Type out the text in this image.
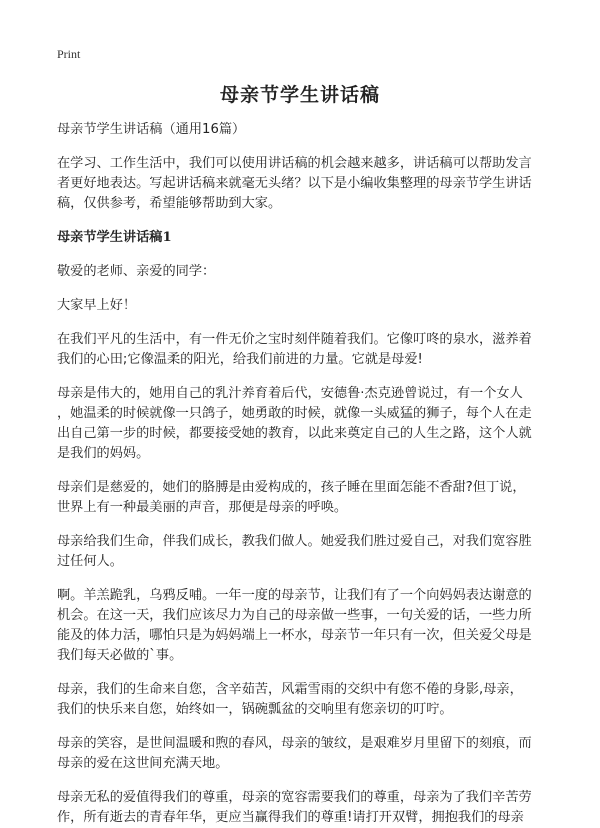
Print
母亲节学生讲话稿
母亲节学生讲话稿（通用16篇）
在学习、工作生活中，我们可以使用讲话稿的机会越来越多，讲话稿可以帮助发言
者更好地表达。写起讲话稿来就毫无头绪？以下是小编收集整理的母亲节学生讲话
稿，仅供参考，希望能够帮助到大家。
母亲节学生讲话稿1
敬爱的老师、亲爱的同学：
大家早上好！
在我们平凡的生活中，有一件无价之宝时刻伴随着我们。它像叮咚的泉水，滋养着
我们的心田;它像温柔的阳光，给我们前进的力量。它就是母爱!
母亲是伟大的，她用自己的乳汁养育着后代，安德鲁·杰克逊曾说过，有一个女人
，她温柔的时候就像一只鸽子，她勇敢的时候，就像一头威猛的狮子，每个人在走
出自己第一步的时候，都要接受她的教育，以此来奠定自己的人生之路，这个人就
是我们的妈妈。
母亲们是慈爱的，她们的胳膊是由爱构成的，孩子睡在里面怎能不香甜?但丁说，
世界上有一种最美丽的声音，那便是母亲的呼唤。
母亲给我们生命，伴我们成长，教我们做人。她爱我们胜过爱自己，对我们宽容胜
过任何人。
啊。羊羔跪乳，乌鸦反哺。一年一度的母亲节，让我们有了一个向妈妈表达谢意的
机会。在这一天，我们应该尽力为自己的母亲做一些事，一句关爱的话，一些力所
能及的体力活，哪怕只是为妈妈端上一杯水，母亲节一年只有一次，但关爱父母是
我们每天必做的`事。
母亲，我们的生命来自您，含辛茹苦，风霜雪雨的交织中有您不倦的身影,母亲，
我们的快乐来自您，始终如一，锅碗瓢盆的交响里有您亲切的叮咛。
母亲的笑容，是世间温暖和煦的春风，母亲的皱纹，是艰难岁月里留下的刻痕，而
母亲的爱在这世间充满天地。
母亲无私的爱值得我们的尊重，母亲的宽容需要我们的尊重，母亲为了我们辛苦劳
作，所有逝去的青春年华，更应当赢得我们的尊重!请打开双臂，拥抱我们的母亲
